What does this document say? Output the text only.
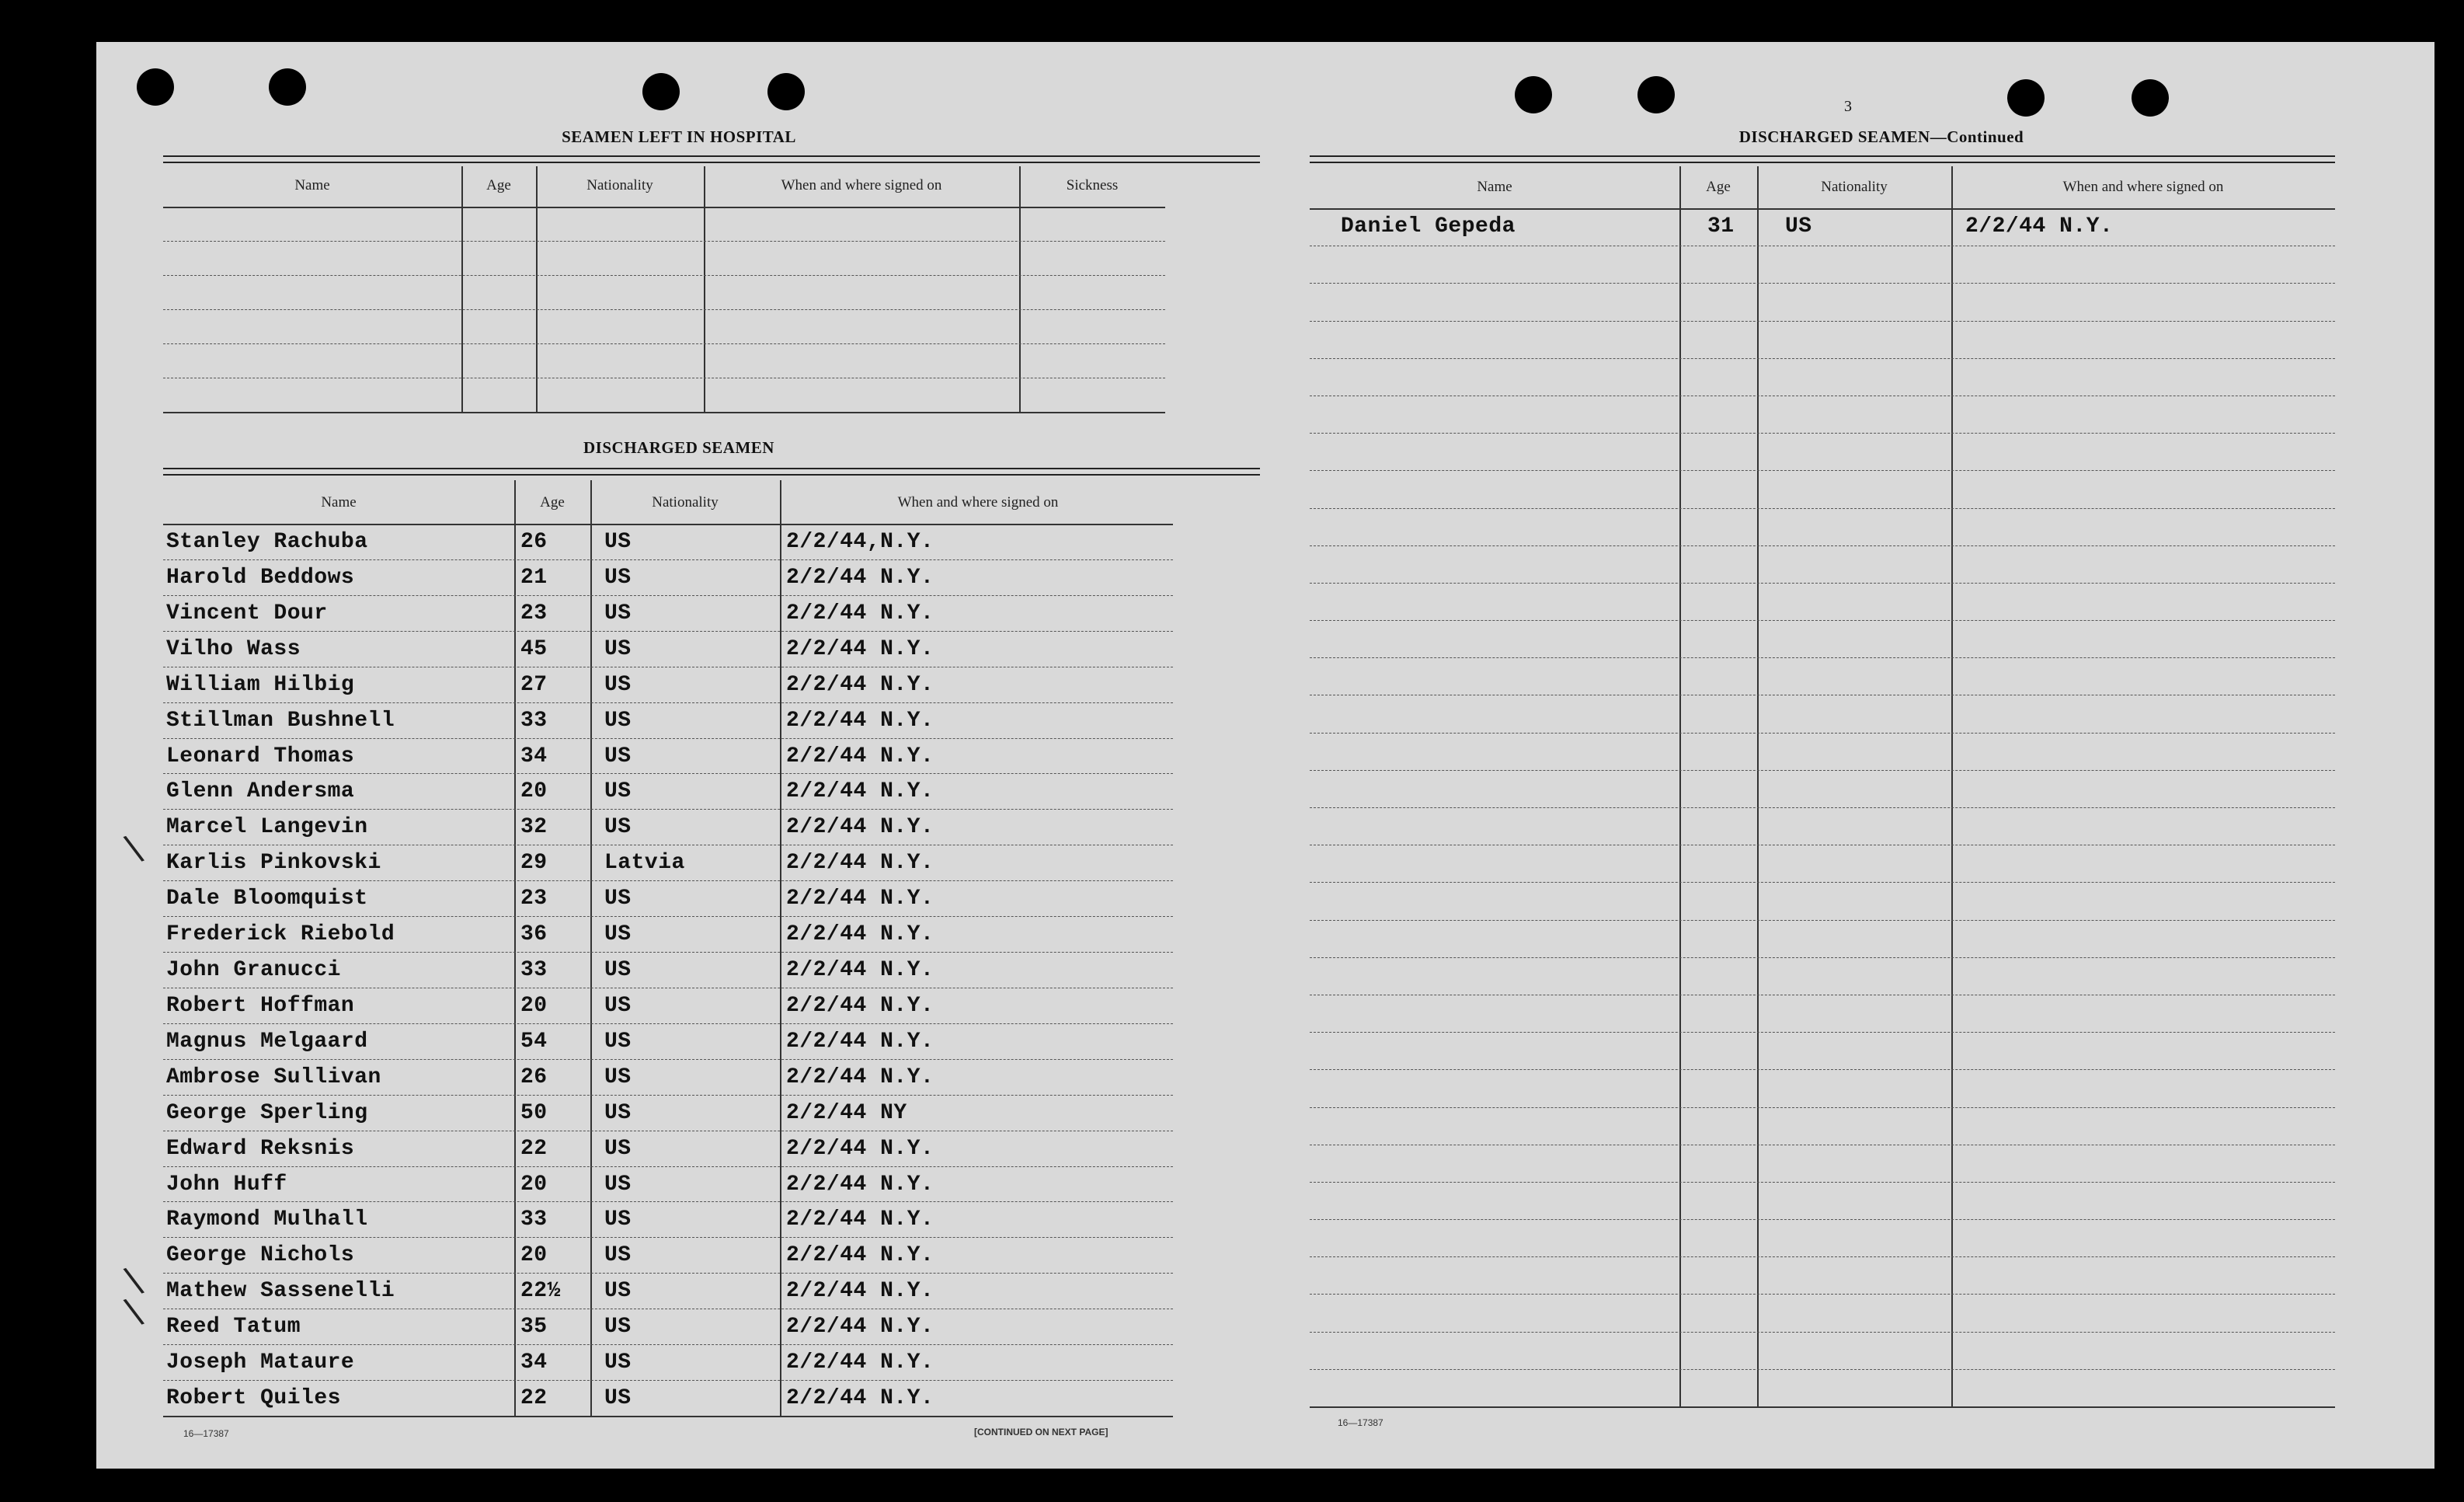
SEAMEN LEFT IN HOSPITAL
Name	Age	Nationality	When and where signed on	Sickness
DISCHARGED SEAMEN
Name	Age	Nationality	When and where signed on
Stanley Rachuba	26	US	2/2/44,N.Y.
Harold Beddows	21	US	2/2/44 N.Y.
Vincent Dour	23	US	2/2/44 N.Y.
Vilho Wass	45	US	2/2/44 N.Y.
William Hilbig	27	US	2/2/44 N.Y.
Stillman Bushnell	33	US	2/2/44 N.Y.
Leonard Thomas	34	US	2/2/44 N.Y.
Glenn Andersma	20	US	2/2/44 N.Y.
Marcel Langevin	32	US	2/2/44 N.Y.
Karlis Pinkovski	29	Latvia	2/2/44 N.Y.
Dale Bloomquist	23	US	2/2/44 N.Y.
Frederick Riebold	36	US	2/2/44 N.Y.
John Granucci	33	US	2/2/44 N.Y.
Robert Hoffman	20	US	2/2/44 N.Y.
Magnus Melgaard	54	US	2/2/44 N.Y.
Ambrose Sullivan	26	US	2/2/44 N.Y.
George Sperling	50	US	2/2/44 NY
Edward Reksnis	22	US	2/2/44 N.Y.
John Huff	20	US	2/2/44 N.Y.
Raymond Mulhall	33	US	2/2/44 N.Y.
George Nichols	20	US	2/2/44 N.Y.
Mathew Sassenelli	22½ US	2/2/44 N.Y.
Reed Tatum	35	US	2/2/44 N.Y.
Joseph Mataure	34	US	2/2/44 N.Y.
Robert Quiles	22	US	2/2/44 N.Y.
16—17387	[CONTINUED ON NEXT PAGE]
\
\
\
3
DISCHARGED SEAMEN—Continued
Name	Age	Nationality	When and where signed on
Daniel Gepeda	31 US	2/2/44 N.Y.
16—17387
